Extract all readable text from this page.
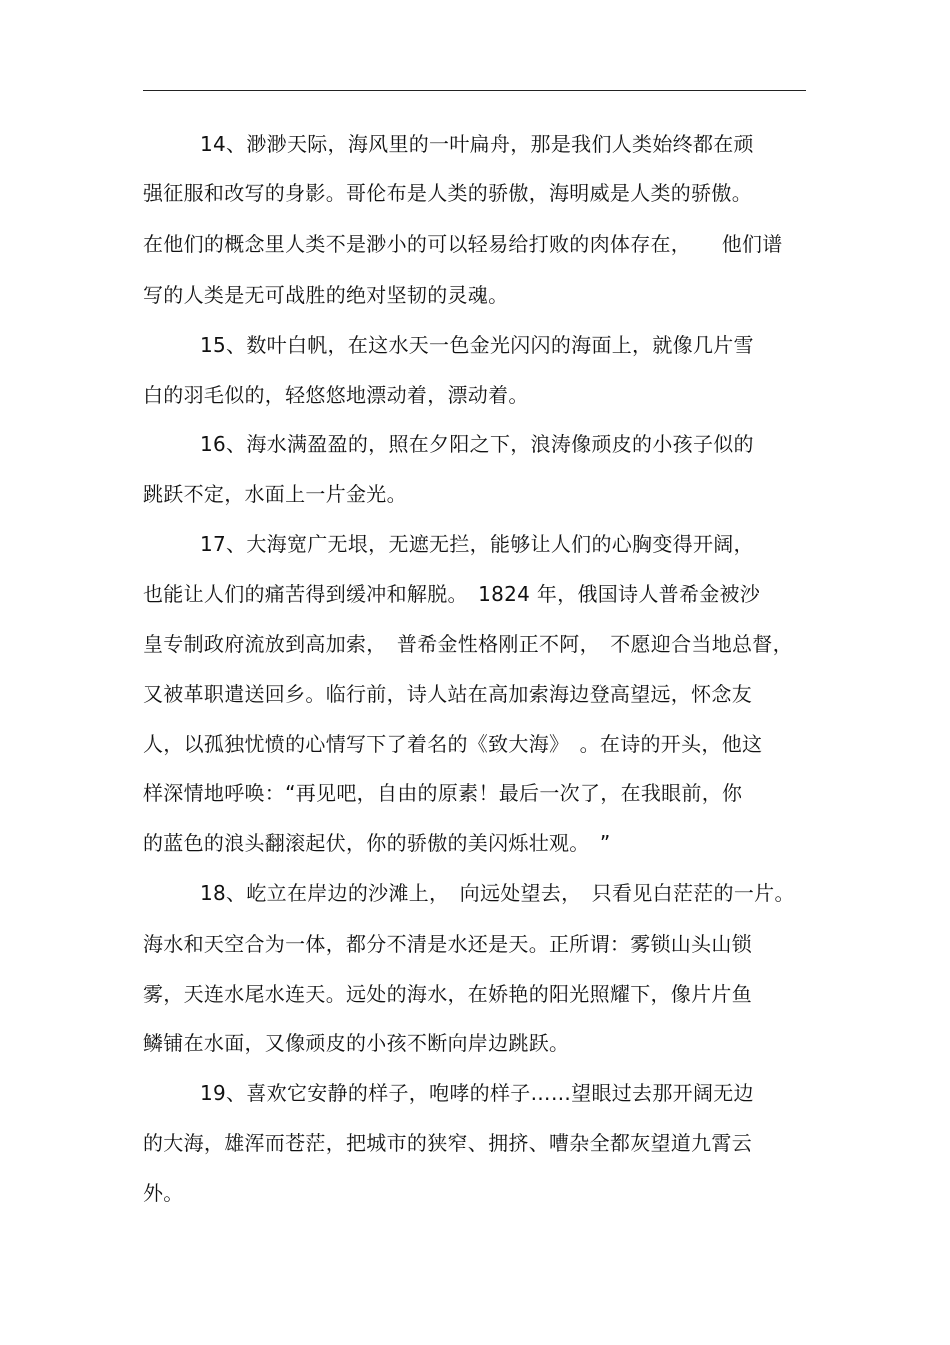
14、渺渺天际，海风里的一叶扁舟，那是我们人类始终都在顽
强征服和改写的身影。哥伦布是人类的骄傲，海明威是人类的骄傲。
在他们的概念里人类不是渺小的可以轻易给打败的肉体存在，　　他们谱
写的人类是无可战胜的绝对坚韧的灵魂。
15、数叶白帆，在这水天一色金光闪闪的海面上，就像几片雪
白的羽毛似的，轻悠悠地漂动着，漂动着。
16、海水满盈盈的，照在夕阳之下，浪涛像顽皮的小孩子似的
跳跃不定，水面上一片金光。
17、大海宽广无垠，无遮无拦，能够让人们的心胸变得开阔，
也能让人们的痛苦得到缓冲和解脱。　1824 年，俄国诗人普希金被沙
皇专制政府流放到高加索，　普希金性格刚正不阿，　不愿迎合当地总督，
又被革职遣送回乡。临行前，诗人站在高加索海边登高望远，怀念友
人，以孤独忧愤的心情写下了着名的《致大海》　。在诗的开头，他这
样深情地呼唤：“再见吧，自由的原素！最后一次了，在我眼前，你
的蓝色的浪头翻滚起伏，你的骄傲的美闪烁壮观。　”
18、屹立在岸边的沙滩上，　向远处望去，　只看见白茫茫的一片。
海水和天空合为一体，都分不清是水还是天。正所谓：雾锁山头山锁
雾，天连水尾水连天。远处的海水，在娇艳的阳光照耀下，像片片鱼
鳞铺在水面，又像顽皮的小孩不断向岸边跳跃。
19、喜欢它安静的样子，咆哮的样子……望眼过去那开阔无边
的大海，雄浑而苍茫，把城市的狭窄、拥挤、嘈杂全都灰望道九霄云
外。
